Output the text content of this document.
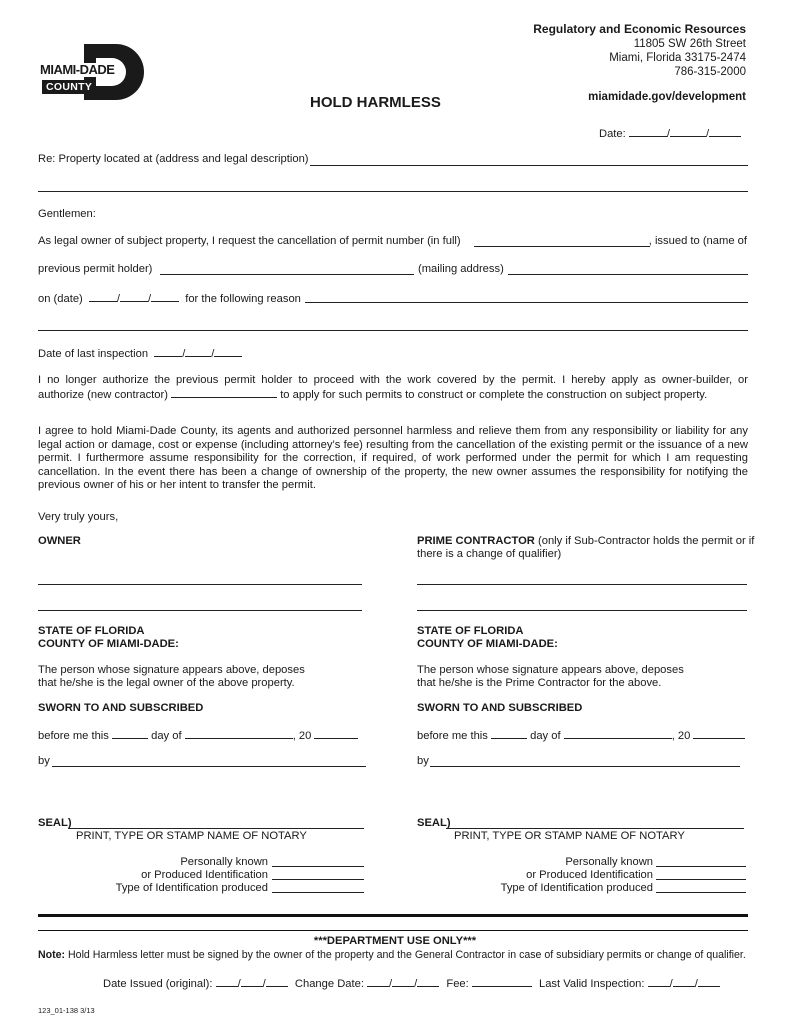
MIAMI-DADE
COUNTY
Regulatory and Economic Resources
11805 SW 26th Street
Miami, Florida 33175-2474
786-315-2000
miamidade.gov/development
HOLD HARMLESS
Date:	/	/
Re: Property located at (address and legal description)
Gentlemen:
As legal owner of subject property, I request the cancellation of permit number (in full)	, issued to (name of
previous permit holder)	(mailing address)
on (date)	/	/	for the following reason
Date of last inspection	/ /
I no longer authorize the previous permit holder to proceed with the work covered by the permit. I hereby apply as owner-builder, or
authorize (new contractor)	to apply for such permits to construct or complete the construction on subject property.
I agree to hold Miami-Dade County, its agents and authorized personnel harmless and relieve them from any responsibility or liability for any legal action or damage, cost or expense (including attorney’s fee) resulting from the cancellation of the existing permit or the issuance of a new permit. I furthermore assume responsibility for the correction, if required, of work performed under the permit for which I am requesting cancellation. In the event there has been a change of ownership of the property, the new owner assumes the responsibility for notifying the previous owner of his or her intent to transfer the permit.
Very truly yours,
OWNER
STATE OF FLORIDA
COUNTY OF MIAMI-DADE:
The person whose signature appears above, deposes
that he/she is the legal owner of the above property.
SWORN TO AND SUBSCRIBED
before me this	day of	, 20
by
SEAL)
PRINT, TYPE OR STAMP NAME OF NOTARY
Personally known
or Produced Identification
Type of Identification produced
PRIME CONTRACTOR (only if Sub-Contractor holds the permit or if
there is a change of qualifier)
STATE OF FLORIDA
COUNTY OF MIAMI-DADE:
The person whose signature appears above, deposes
that he/she is the Prime Contractor for the above.
SWORN TO AND SUBSCRIBED
before me this	day of	, 20
by
SEAL)
PRINT, TYPE OR STAMP NAME OF NOTARY
Personally known
or Produced Identification
Type of Identification produced
***DEPARTMENT USE ONLY***
Note: Hold Harmless letter must be signed by the owner of the property and the General Contractor in case of subsidiary permits or change of qualifier.
Date Issued (original): / /	Change Date: / /	Fee:	Last Valid Inspection: / /
123_01-138 3/13
